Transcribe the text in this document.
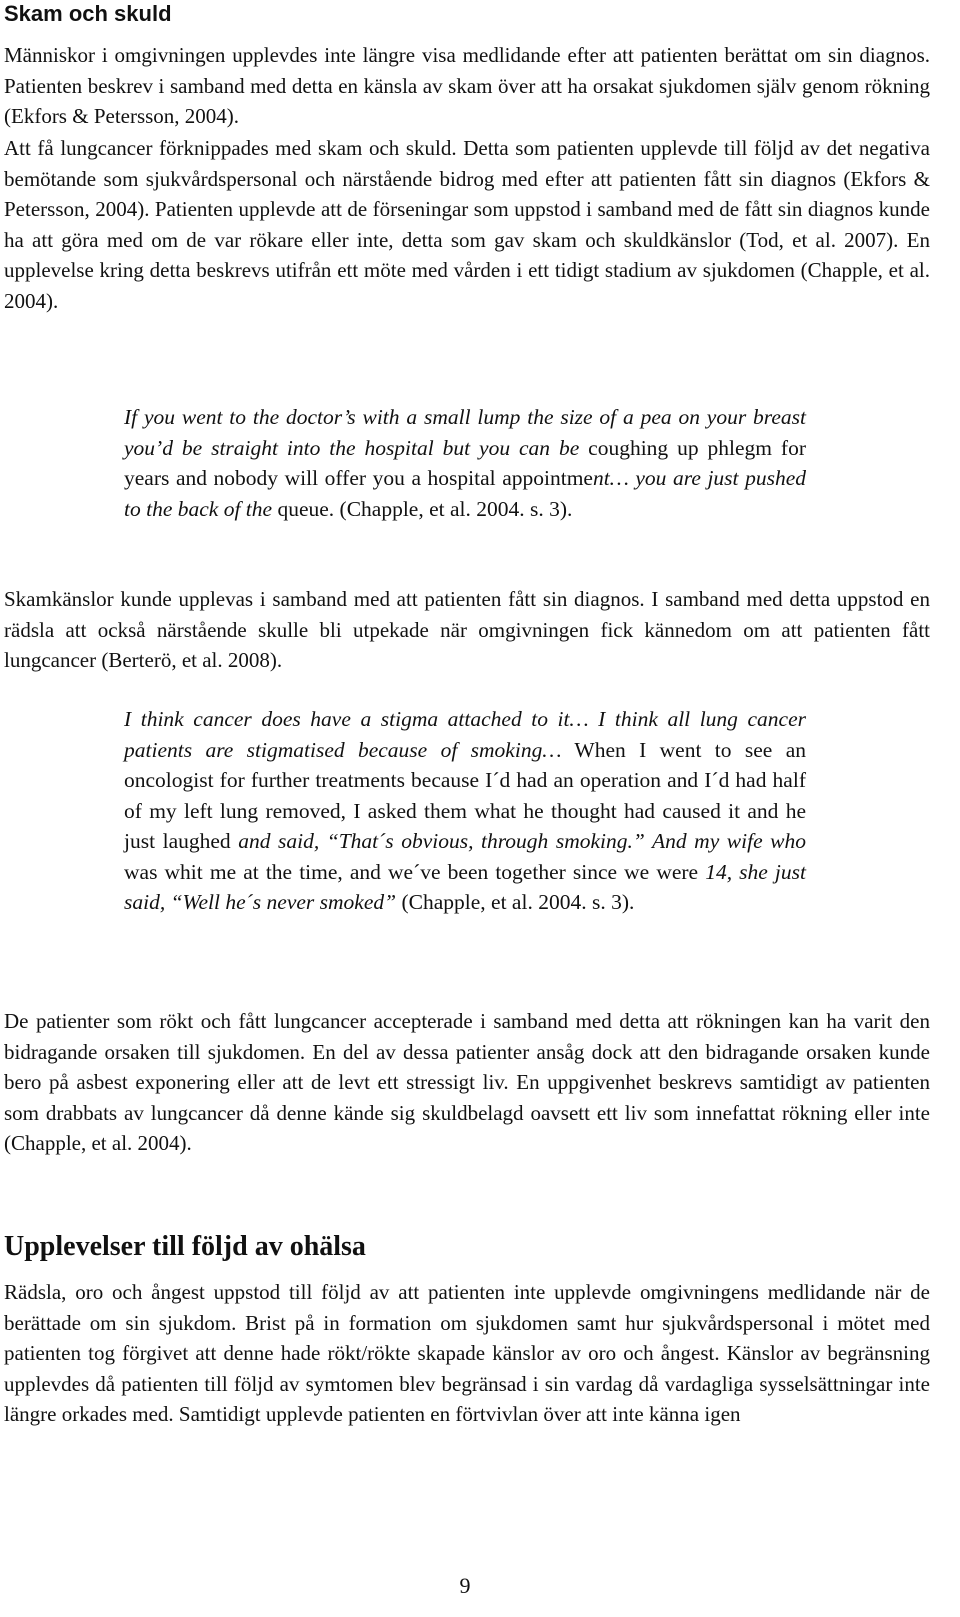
Skam och skuld

Människor i omgivningen upplevdes inte längre visa medlidande efter att patienten berättat om sin diagnos. Patienten beskrev i samband med detta en känsla av skam över att ha orsakat sjukdomen själv genom rökning (Ekfors & Petersson, 2004).

Att få lungcancer förknippades med skam och skuld. Detta som patienten upplevde till följd av det negativa bemötande som sjukvårdspersonal och närstående bidrog med efter att patienten fått sin diagnos (Ekfors & Petersson, 2004). Patienten upplevde att de förseningar som uppstod i samband med de fått sin diagnos kunde ha att göra med om de var rökare eller inte, detta som gav skam och skuldkänslor (Tod, et al. 2007). En upplevelse kring detta beskrevs utifrån ett möte med vården i ett tidigt stadium av sjukdomen (Chapple, et al. 2004).

If you went to the doctor’s with a small lump the size of a pea on your breast you’d be straight into the hospital but you can be coughing up phlegm for years and nobody will offer you a hospital appointment… you are just pushed to the back of the queue. (Chapple, et al. 2004. s. 3).

Skamkänslor kunde upplevas i samband med att patienten fått sin diagnos. I samband med detta uppstod en rädsla att också närstående skulle bli utpekade när omgivningen fick kännedom om att patienten fått lungcancer (Berterö, et al. 2008).

I think cancer does have a stigma attached to it… I think all lung cancer patients are stigmatised because of smoking… When I went to see an oncologist for further treatments because I´d had an operation and I´d had half of my left lung removed, I asked them what he thought had caused it and he just laughed and said, “That´s obvious, through smoking.” And my wife who was whit me at the time, and we´ve been together since we were 14, she just said, “Well he´s never smoked” (Chapple, et al. 2004. s. 3).

De patienter som rökt och fått lungcancer accepterade i samband med detta att rökningen kan ha varit den bidragande orsaken till sjukdomen. En del av dessa patienter ansåg dock att den bidragande orsaken kunde bero på asbest exponering eller att de levt ett stressigt liv. En uppgivenhet beskrevs samtidigt av patienten som drabbats av lungcancer då denne kände sig skuldbelagd oavsett ett liv som innefattat rökning eller inte (Chapple, et al. 2004).

Upplevelser till följd av ohälsa

Rädsla, oro och ångest uppstod till följd av att patienten inte upplevde omgivningens medlidande när de berättade om sin sjukdom. Brist på in formation om sjukdomen samt hur sjukvårdspersonal i mötet med patienten tog förgivet att denne hade rökt/rökte skapade känslor av oro och ångest. Känslor av begränsning upplevdes då patienten till följd av symtomen blev begränsad i sin vardag då vardagliga sysselsättningar inte längre orkades med. Samtidigt upplevde patienten en förtvivlan över att inte känna igen

9
